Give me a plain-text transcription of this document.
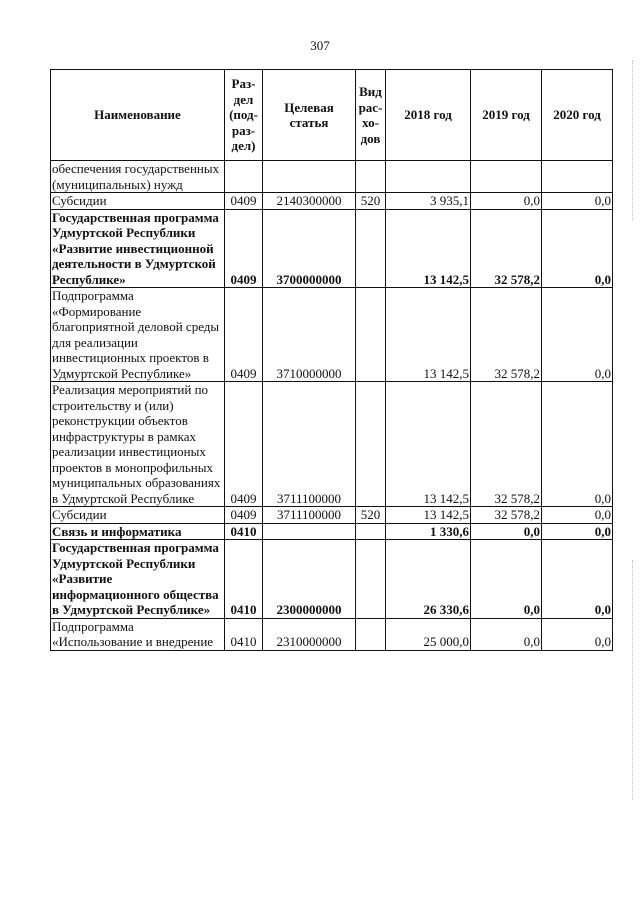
307
Наименование	Раз-дел (под-раз-дел)	Целевая статья	Вид рас-хо-дов	2018 год	2019 год	2020 год
обеспечения государственных (муниципальных) нужд						
Субсидии	0409	2140300000	520	3 935,1	0,0	0,0
Государственная программа Удмуртской Республики «Развитие инвестиционной деятельности в Удмуртской Республике»	0409	3700000000		13 142,5	32 578,2	0,0
Подпрограмма «Формирование благоприятной деловой среды для реализации инвестиционных проектов в Удмуртской Республике»	0409	3710000000		13 142,5	32 578,2	0,0
Реализация мероприятий по строительству и (или) реконструкции объектов инфраструктуры в рамках реализации инвестиционых проектов в монопрофильных муниципальных образованиях в Удмуртской Республике	0409	3711100000		13 142,5	32 578,2	0,0
Субсидии	0409	3711100000	520	13 142,5	32 578,2	0,0
Связь и информатика	0410			1 330,6	0,0	0,0
Государственная программа Удмуртской Республики «Развитие информационного общества в Удмуртской Республике»	0410	2300000000		26 330,6	0,0	0,0
Подпрограмма «Использование и внедрение	0410	2310000000		25 000,0	0,0	0,0
